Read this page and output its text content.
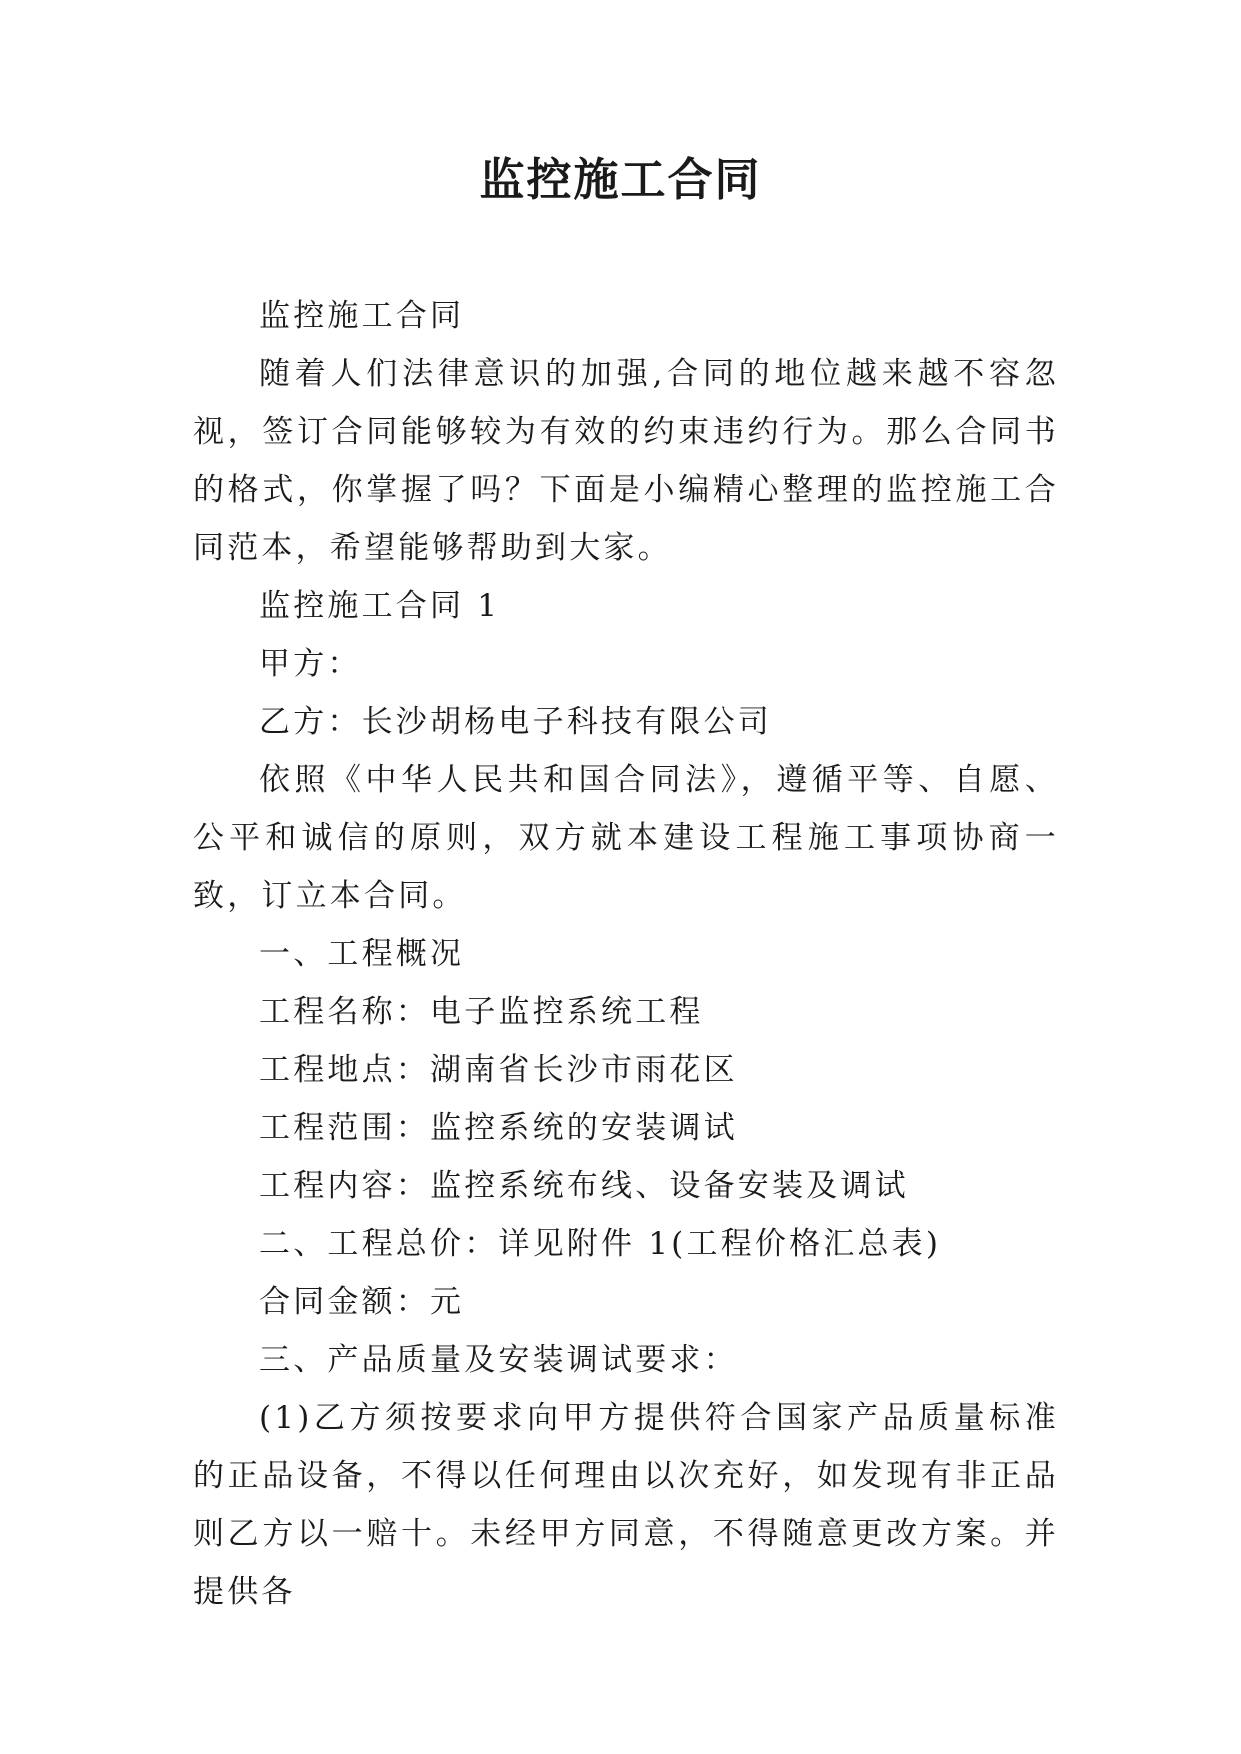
监控施工合同

监控施工合同

随着人们法律意识的加强,合同的地位越来越不容忽视，签订合同能够较为有效的约束违约行为。那么合同书的格式，你掌握了吗？下面是小编精心整理的监控施工合同范本，希望能够帮助到大家。

监控施工合同 1

甲方：

乙方：长沙胡杨电子科技有限公司

依照《中华人民共和国合同法》，遵循平等、自愿、公平和诚信的原则，双方就本建设工程施工事项协商一致，订立本合同。

一、工程概况

工程名称：电子监控系统工程

工程地点：湖南省长沙市雨花区

工程范围：监控系统的安装调试

工程内容：监控系统布线、设备安装及调试

二、工程总价：详见附件 1(工程价格汇总表)

合同金额：元

三、产品质量及安装调试要求：

(1)乙方须按要求向甲方提供符合国家产品质量标准的正品设备，不得以任何理由以次充好，如发现有非正品则乙方以一赔十。未经甲方同意，不得随意更改方案。并提供各
